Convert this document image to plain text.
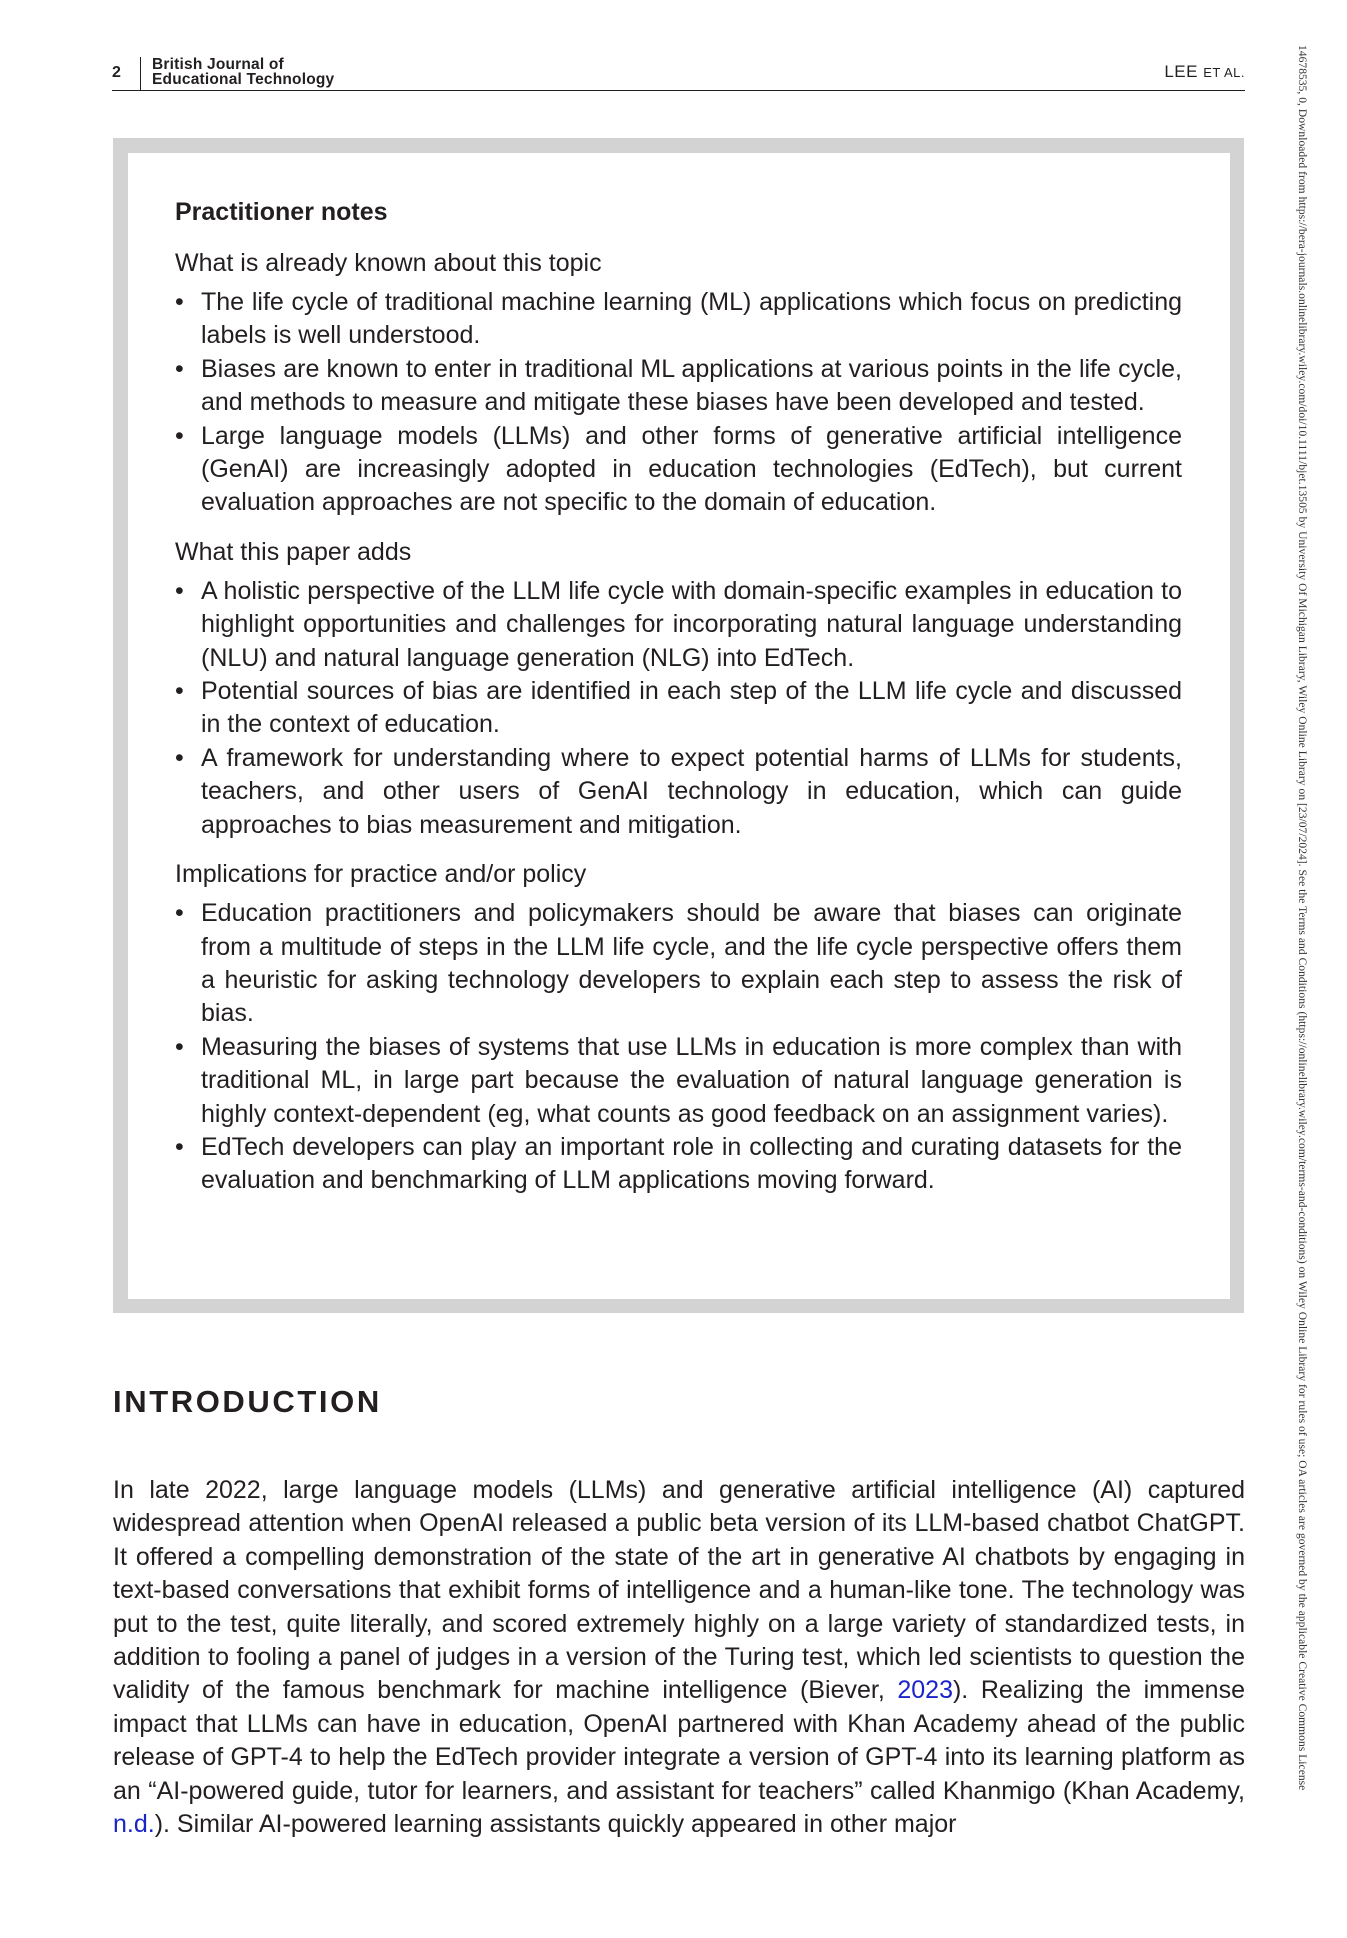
2 British Journal of
Educational Technology	LEE ET AL.
Practitioner notes
What is already known about this topic
• The life cycle of traditional machine learning (ML) applications which focus on predicting labels is well understood.
• Biases are known to enter in traditional ML applications at various points in the life cycle, and methods to measure and mitigate these biases have been developed and tested.
• Large language models (LLMs) and other forms of generative artificial intelligence (GenAI) are increasingly adopted in education technologies (EdTech), but current evaluation approaches are not specific to the domain of education.
What this paper adds
• A holistic perspective of the LLM life cycle with domain-specific examples in education to highlight opportunities and challenges for incorporating natural language understanding (NLU) and natural language generation (NLG) into EdTech.
• Potential sources of bias are identified in each step of the LLM life cycle and discussed in the context of education.
• A framework for understanding where to expect potential harms of LLMs for students, teachers, and other users of GenAI technology in education, which can guide approaches to bias measurement and mitigation.
Implications for practice and/or policy
• Education practitioners and policymakers should be aware that biases can originate from a multitude of steps in the LLM life cycle, and the life cycle perspective offers them a heuristic for asking technology developers to explain each step to assess the risk of bias.
• Measuring the biases of systems that use LLMs in education is more complex than with traditional ML, in large part because the evaluation of natural language generation is highly context-dependent (eg, what counts as good feedback on an assignment varies).
• EdTech developers can play an important role in collecting and curating datasets for the evaluation and benchmarking of LLM applications moving forward.
INTRODUCTION

In late 2022, large language models (LLMs) and generative artificial intelligence (AI) captured widespread attention when OpenAI released a public beta version of its LLM-based chatbot ChatGPT. It offered a compelling demonstration of the state of the art in generative AI chatbots by engaging in text-based conversations that exhibit forms of intelligence and a human-like tone. The technology was put to the test, quite literally, and scored extremely highly on a large variety of standardized tests, in addition to fooling a panel of judges in a version of the Turing test, which led scientists to question the validity of the famous benchmark for machine intelligence (Biever, 2023). Realizing the immense impact that LLMs can have in education, OpenAI partnered with Khan Academy ahead of the public release of GPT-4 to help the EdTech provider integrate a version of GPT-4 into its learning platform as an “AI-powered guide, tutor for learners, and assistant for teachers” called Khanmigo (Khan Academy, n.d.). Similar AI-powered learning assistants quickly appeared in other major

14678535, 0, Downloaded from https://bera-journals.onlinelibrary.wiley.com/doi/10.1111/bjet.13505 by University Of Michigan Library, Wiley Online Library on [23/07/2024]. See the Terms and Conditions (https://onlinelibrary.wiley.com/terms-and-conditions) on Wiley Online Library for rules of use; OA articles are governed by the applicable Creative Commons License
